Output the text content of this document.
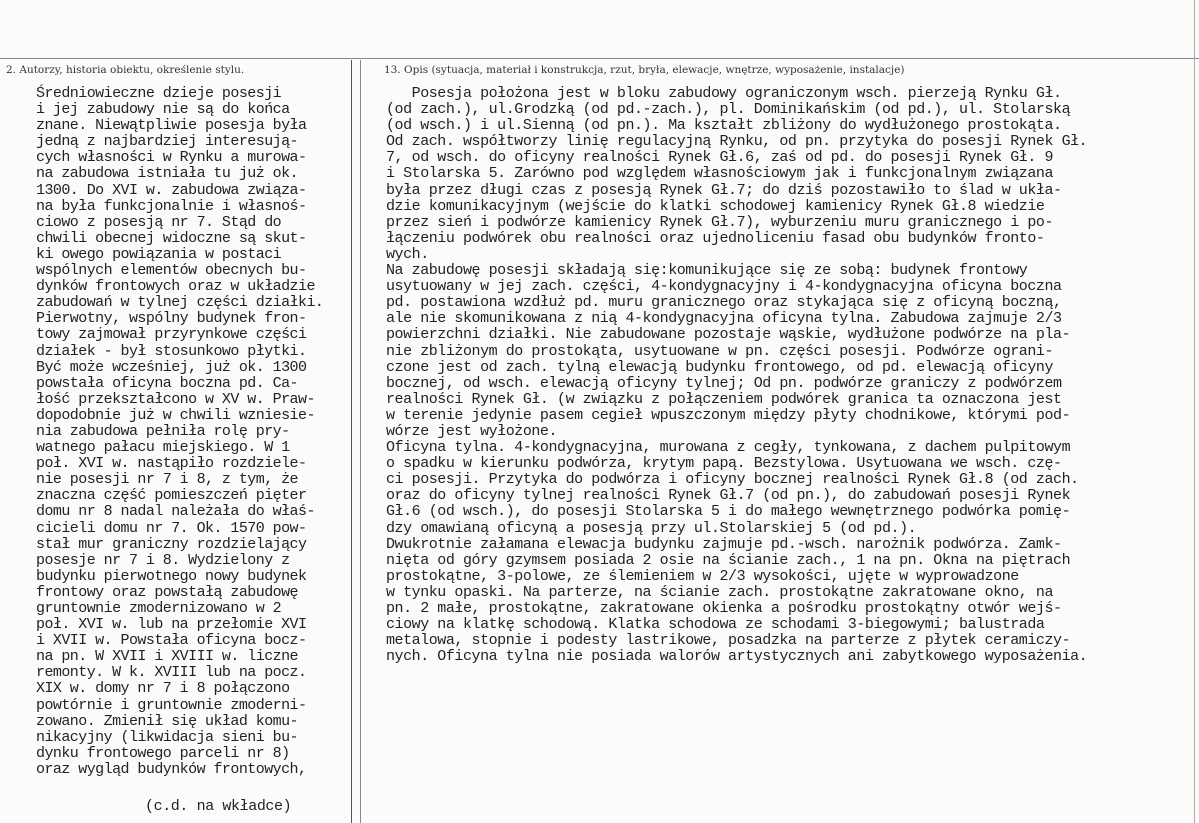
2. Autorzy, historia obiektu, określenie stylu.	13. Opis (sytuacja, materiał i konstrukcja, rzut, bryła, elewacje, wnętrze, wyposażenie, instalacje)
Średniowieczne dzieje posesji
i jej zabudowy nie są do końca
znane. Niewątpliwie posesja była
jedną z najbardziej interesują-
cych własności w Rynku a murowa-
na zabudowa istniała tu już ok.
1300. Do XVI w. zabudowa związa-
na była funkcjonalnie i własnoś-
ciowo z posesją nr 7. Stąd do
chwili obecnej widoczne są skut-
ki owego powiązania w postaci
wspólnych elementów obecnych bu-
dynków frontowych oraz w układzie
zabudowań w tylnej części działki.
Pierwotny, wspólny budynek fron-
towy zajmował przyrynkowe części
działek - był stosunkowo płytki.
Być może wcześniej, już ok. 1300
powstała oficyna boczna pd. Ca-
łość przekształcono w XV w. Praw-
dopodobnie już w chwili wzniesie-
nia zabudowa pełniła rolę pry-
watnego pałacu miejskiego. W 1
poł. XVI w. nastąpiło rozdziele-
nie posesji nr 7 i 8, z tym, że
znaczna część pomieszczeń pięter
domu nr 8 nadal należała do właś-
cicieli domu nr 7. Ok. 1570 pow-
stał mur graniczny rozdzielający
posesje nr 7 i 8. Wydzielony z
budynku pierwotnego nowy budynek
frontowy oraz powstałą zabudowę
gruntownie zmodernizowano w 2
poł. XVI w. lub na przełomie XVI
i XVII w. Powstała oficyna bocz-
na pn. W XVII i XVIII w. liczne
remonty. W k. XVIII lub na pocz.
XIX w. domy nr 7 i 8 połączono
powtórnie i gruntownie zmoderni-
zowano. Zmienił się układ komu-
nikacyjny (likwidacja sieni bu-
dynku frontowego parceli nr 8)
oraz wygląd budynków frontowych,
(c.d. na wkładce)
Posesja położona jest w bloku zabudowy ograniczonym wsch. pierzeją Rynku Gł.
(od zach.), ul.Grodzką (od pd.-zach.), pl. Dominikańskim (od pd.), ul. Stolarską
(od wsch.) i ul.Sienną (od pn.). Ma kształt zbliżony do wydłużonego prostokąta.
Od zach. współtworzy linię regulacyjną Rynku, od pn. przytyka do posesji Rynek Gł.
7, od wsch. do oficyny realności Rynek Gł.6, zaś od pd. do posesji Rynek Gł. 9
i Stolarska 5. Zarówno pod względem własnościowym jak i funkcjonalnym związana
była przez długi czas z posesją Rynek Gł.7; do dziś pozostawiło to ślad w ukła-
dzie komunikacyjnym (wejście do klatki schodowej kamienicy Rynek Gł.8 wiedzie
przez sień i podwórze kamienicy Rynek Gł.7), wyburzeniu muru granicznego i po-
łączeniu podwórek obu realności oraz ujednoliceniu fasad obu budynków fronto-
wych.
Na zabudowę posesji składają się:komunikujące się ze sobą: budynek frontowy
usytuowany w jej zach. części, 4-kondygnacyjny i 4-kondygnacyjna oficyna boczna
pd. postawiona wzdłuż pd. muru granicznego oraz stykająca się z oficyną boczną,
ale nie skomunikowana z nią 4-kondygnacyjna oficyna tylna. Zabudowa zajmuje 2/3
powierzchni działki. Nie zabudowane pozostaje wąskie, wydłużone podwórze na pla-
nie zbliżonym do prostokąta, usytuowane w pn. części posesji. Podwórze ograni-
czone jest od zach. tylną elewacją budynku frontowego, od pd. elewacją oficyny
bocznej, od wsch. elewacją oficyny tylnej; Od pn. podwórze graniczy z podwórzem
realności Rynek Gł. (w związku z połączeniem podwórek granica ta oznaczona jest
w terenie jedynie pasem cegieł wpuszczonym między płyty chodnikowe, którymi pod-
wórze jest wyłożone.
Oficyna tylna. 4-kondygnacyjna, murowana z cegły, tynkowana, z dachem pulpitowym
o spadku w kierunku podwórza, krytym papą. Bezstylowa. Usytuowana we wsch. czę-
ci posesji. Przytyka do podwórza i oficyny bocznej realności Rynek Gł.8 (od zach.
oraz do oficyny tylnej realności Rynek Gł.7 (od pn.), do zabudowań posesji Rynek
Gł.6 (od wsch.), do posesji Stolarska 5 i do małego wewnętrznego podwórka pomię-
dzy omawianą oficyną a posesją przy ul.Stolarskiej 5 (od pd.).
Dwukrotnie załamana elewacja budynku zajmuje pd.-wsch. narożnik podwórza. Zamk-
nięta od góry gzymsem posiada 2 osie na ścianie zach., 1 na pn. Okna na piętrach
prostokątne, 3-polowe, ze ślemieniem w 2/3 wysokości, ujęte w wyprowadzone
w tynku opaski. Na parterze, na ścianie zach. prostokątne zakratowane okno, na
pn. 2 małe, prostokątne, zakratowane okienka a pośrodku prostokątny otwór wejś-
ciowy na klatkę schodową. Klatka schodowa ze schodami 3-biegowymi; balustrada
metalowa, stopnie i podesty lastrikowe, posadzka na parterze z płytek ceramiczy-
nych. Oficyna tylna nie posiada walorów artystycznych ani zabytkowego wyposażenia.
